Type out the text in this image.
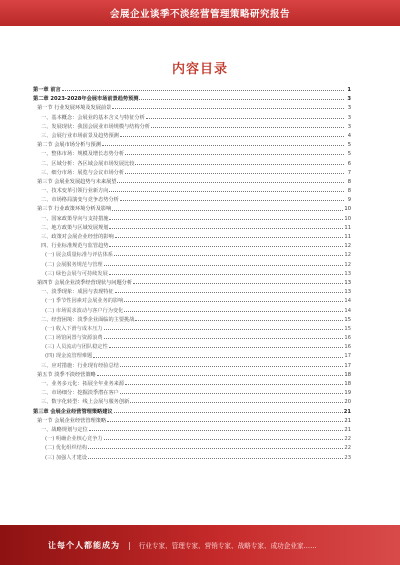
会展企业谈季不淡经营管理策略研究报告
内容目录
第一章 前言	1
第二章 2023-2028年会展市场前景趋势预测	3
第一节 行业发展环境及发展前景	3
一、基本概念：会展业的基本含义与特征分析	3
二、发展现状：我国会展业市场规模与结构分析	3
三、会展行业市场前景及趋势预测	4
第二节 会展市场分析与预测	5
一、整体市场：规模及增长态势分析	5
二、区域分析：各区域会展市场发展比较	6
三、细分市场：展览与会议市场分析	7
第三节 会展业发展趋势与未来展望	8
一、技术变革引领行业新方向	8
二、市场格局演变与竞争态势分析	9
第三节 行业政策环境分析及影响	10
一、国家政策导向与支持措施	10
二、地方政策与区域发展规划	11
三、政策对会展企业经营的影响	11
四、行业标准规范与监管趋势	12
(一) 展会质量标准与评估体系	12
(二) 会展服务规范与管理	12
(三) 绿色会展与可持续发展	13
第四节 会展企业淡季经营现状与问题分析	13
一、淡季现象：成因与表现特征	13
(一) 季节性因素对会展业务的影响	14
(二) 市场需求波动与客户行为变化	14
二、经营困境：淡季企业面临的主要挑战	15
(一) 收入下滑与成本压力	15
(二) 场馆闲置与资源浪费	16
(三) 人员流动与团队稳定性	16
(四) 现金流管理难题	17
三、应对措施：行业现有经验总结	17
第五节 淡季不淡经营策略	18
一、业务多元化：拓展全年业务来源	18
二、市场细分：挖掘淡季潜在客户	19
三、数字化转型：线上会展与服务创新	20
第三章 会展企业经营管理策略建议	21
第一节 会展企业经营管理策略	21
一、战略规划与定位	21
(一) 明确企业核心竞争力	22
(二) 优化组织结构	22
(三) 加强人才建设	23
让每个人都能成为 | 行业专家、管理专家、营销专家、战略专家、成功企业家……
